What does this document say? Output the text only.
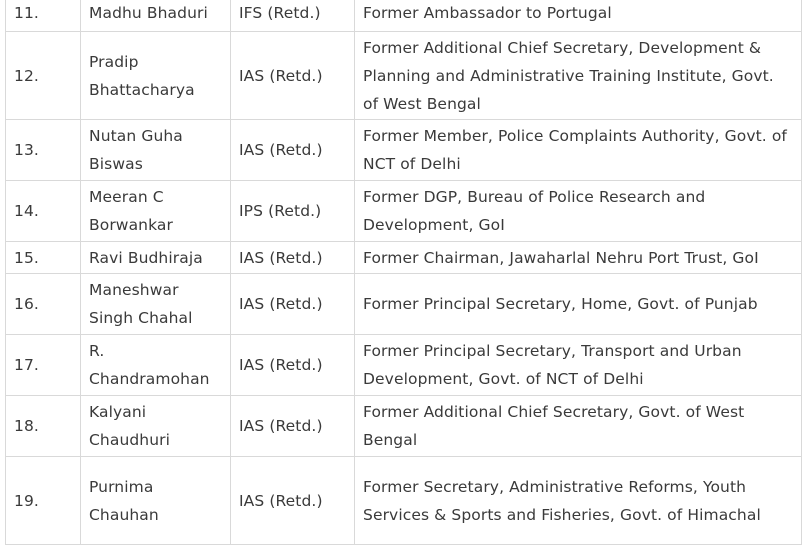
11.	Madhu Bhaduri	IFS (Retd.)	Former Ambassador to Portugal
12.	Pradip Bhattacharya	IAS (Retd.)	Former Additional Chief Secretary, Development & Planning and Administrative Training Institute, Govt. of West Bengal
13.	Nutan Guha Biswas	IAS (Retd.)	Former Member, Police Complaints Authority, Govt. of NCT of Delhi
14.	Meeran C Borwankar	IPS (Retd.)	Former DGP, Bureau of Police Research and Development, GoI
15.	Ravi Budhiraja	IAS (Retd.)	Former Chairman, Jawaharlal Nehru Port Trust, GoI
16.	Maneshwar Singh Chahal	IAS (Retd.)	Former Principal Secretary, Home, Govt. of Punjab
17.	R. Chandramohan	IAS (Retd.)	Former Principal Secretary, Transport and Urban Development, Govt. of NCT of Delhi
18.	Kalyani Chaudhuri	IAS (Retd.)	Former Additional Chief Secretary, Govt. of West Bengal
19.	Purnima Chauhan	IAS (Retd.)	Former Secretary, Administrative Reforms, Youth Services & Sports and Fisheries, Govt. of Himachal
